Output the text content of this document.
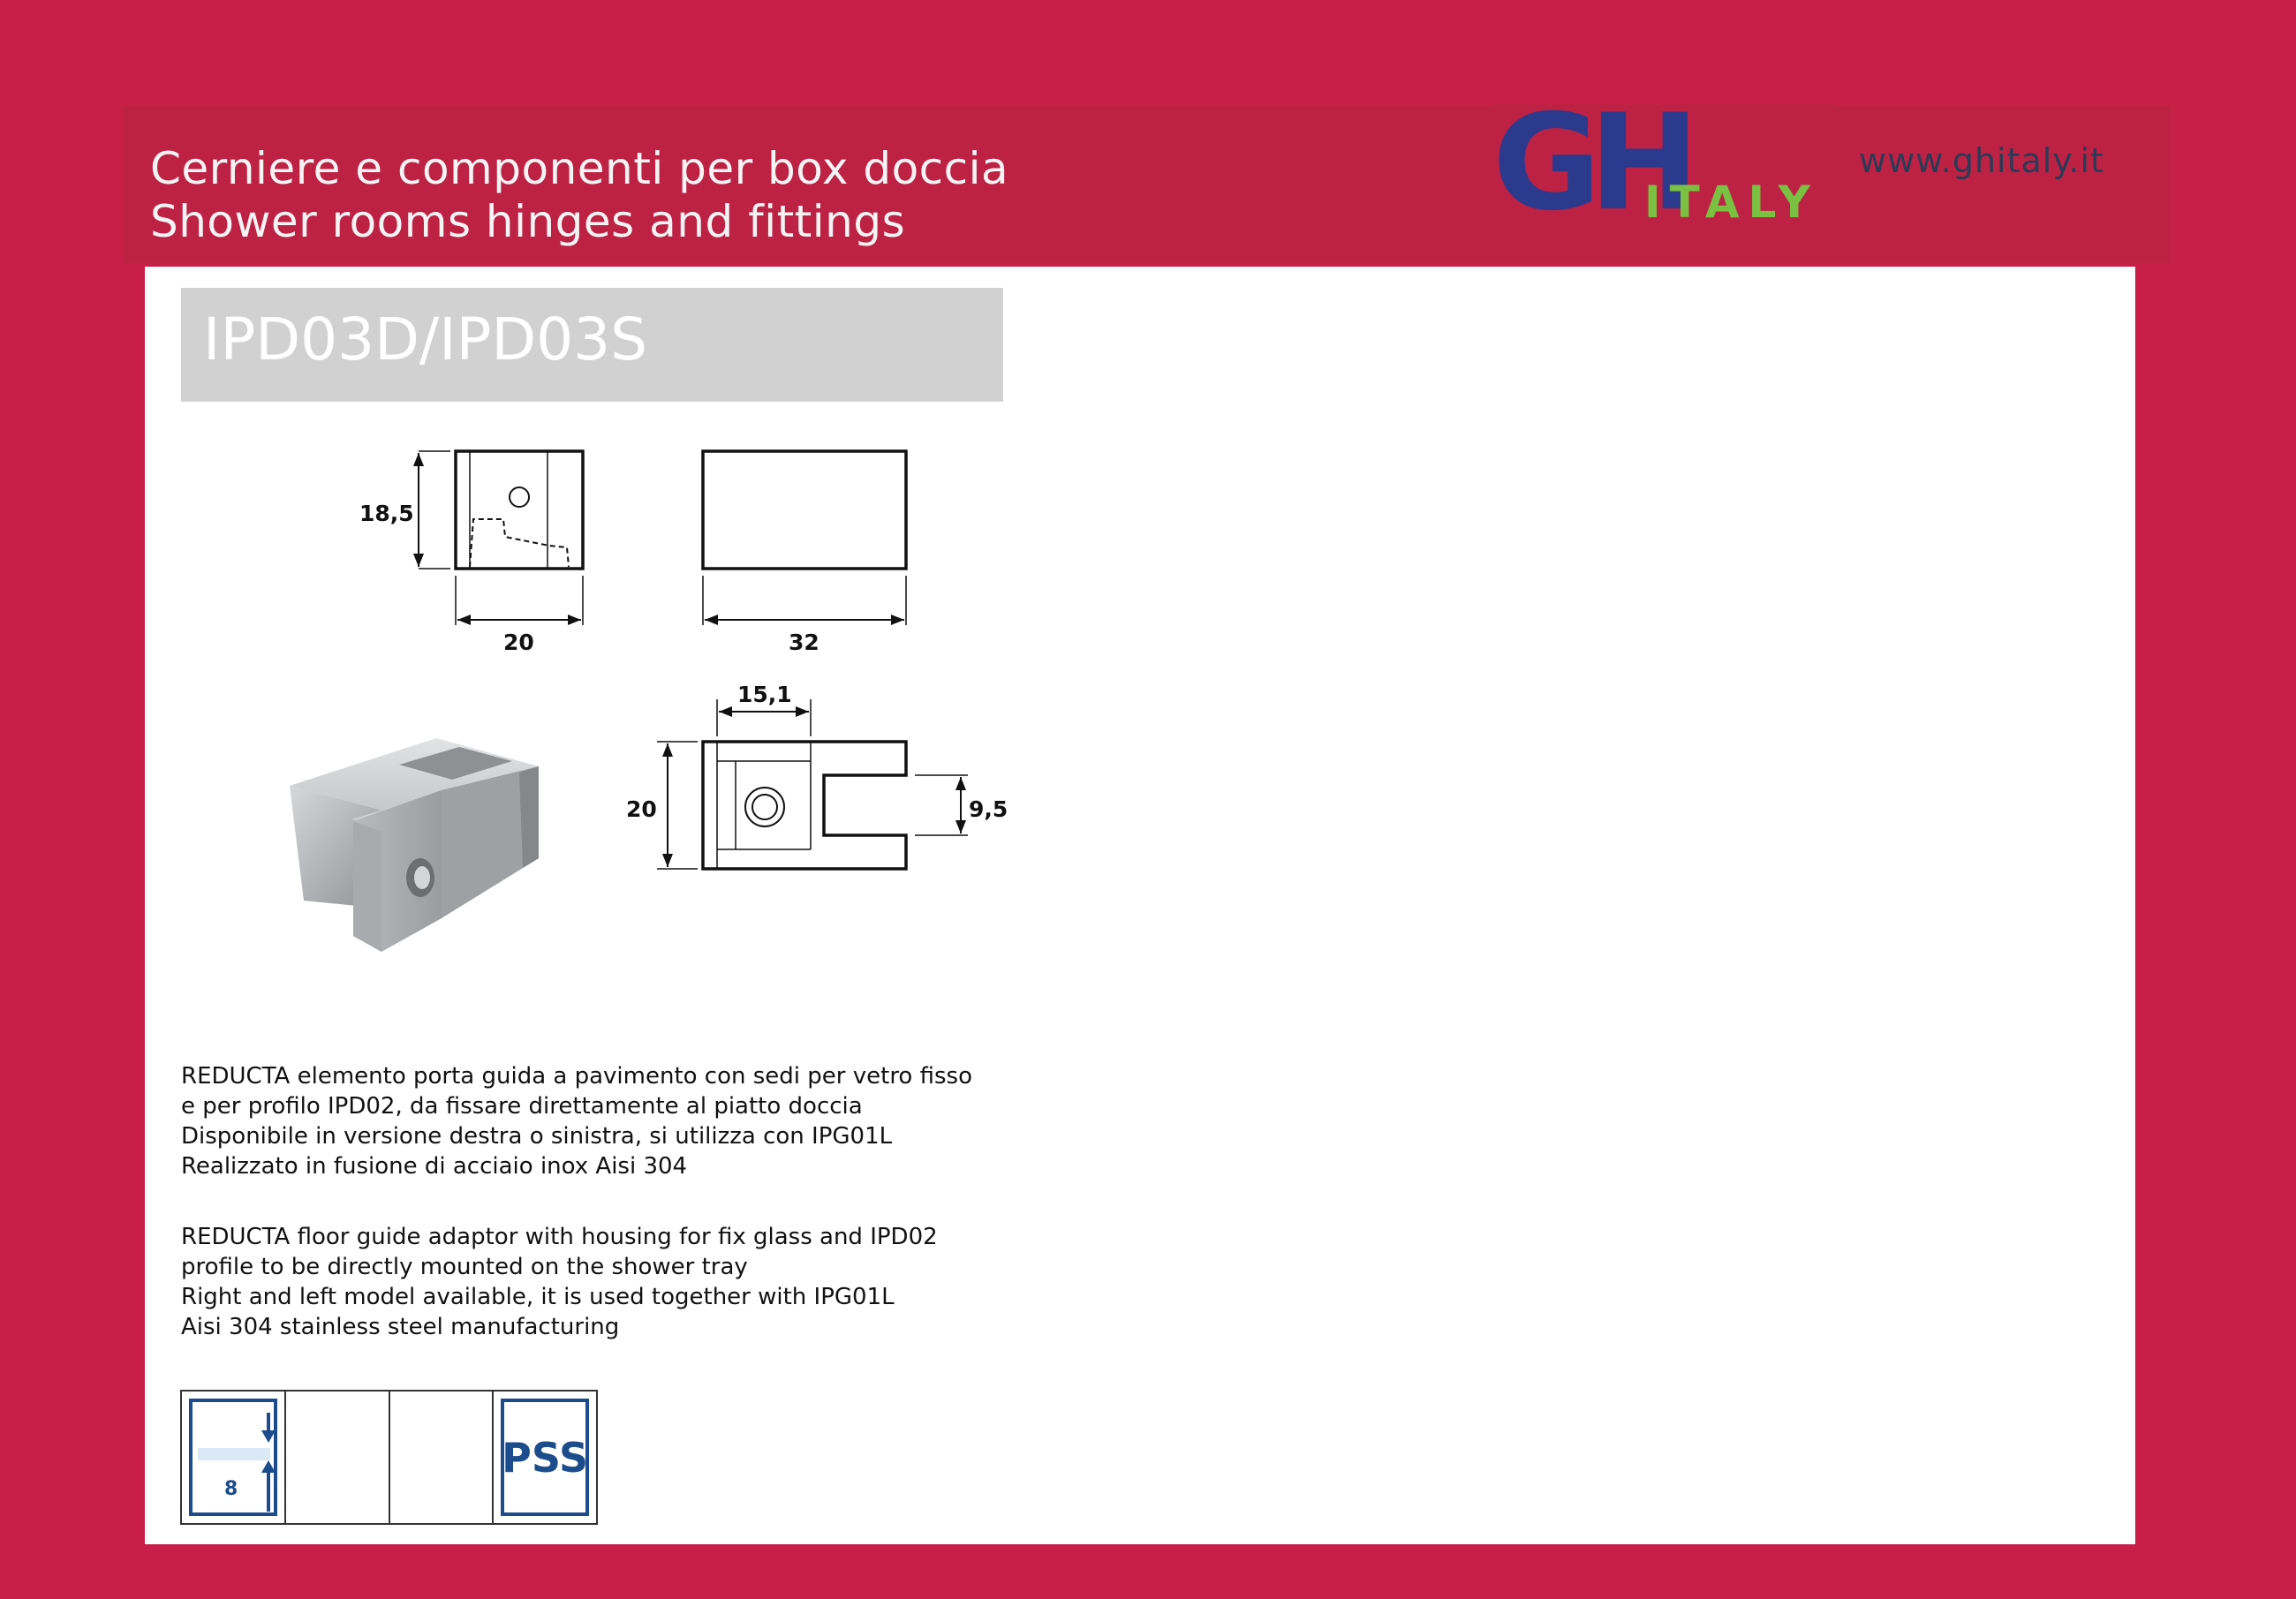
Cerniere e componenti per box doccia
Shower rooms hinges and fittings	GH
ITALY
www.ghitaly.it
IPD03D/IPD03S
18,5
20	32
15,1
20	9,5
REDUCTA elemento porta guida a pavimento con sedi per vetro fisso
e per profilo IPD02, da fissare direttamente al piatto doccia
Disponibile in versione destra o sinistra, si utilizza con IPG01L
Realizzato in fusione di acciaio inox Aisi 304
REDUCTA floor guide adaptor with housing for fix glass and IPD02
profile to be directly mounted on the shower tray
Right and left model available, it is used together with IPG01L
Aisi 304 stainless steel manufacturing
8
PSS
